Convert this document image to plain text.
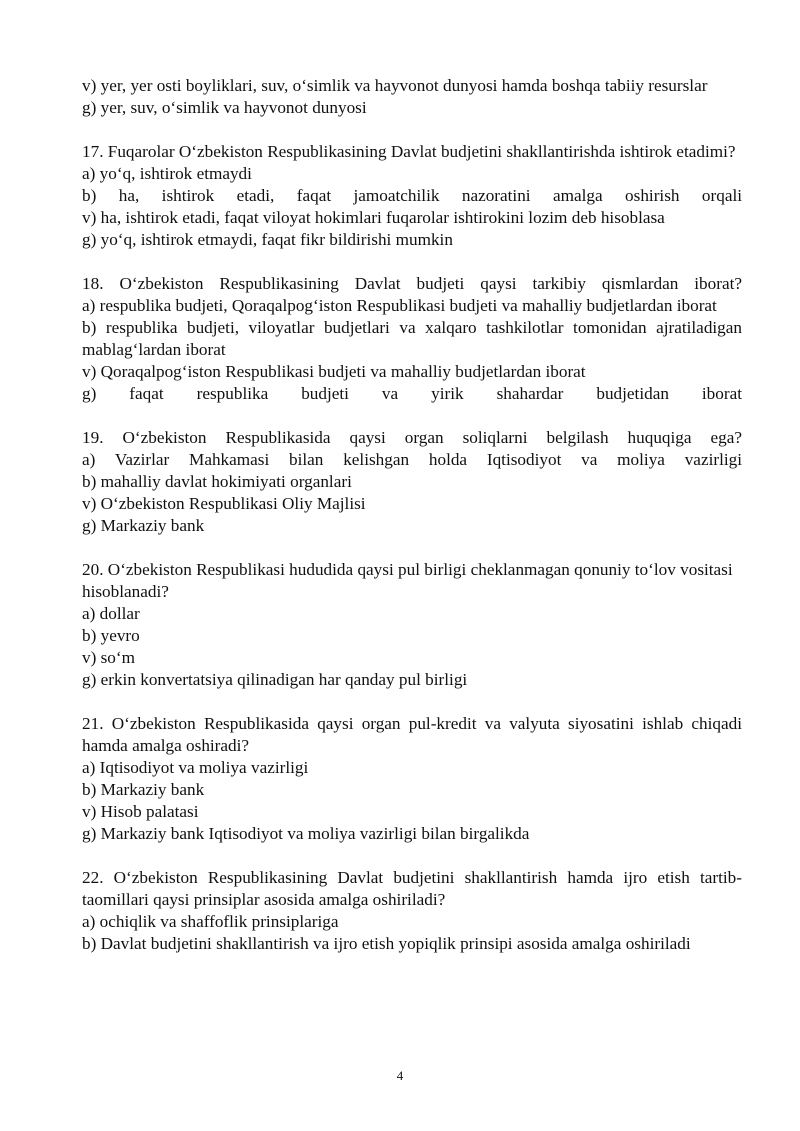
v) yer, yer osti boyliklari, suv, o‘simlik va hayvonot dunyosi hamda boshqa tabiiy resurslar
g) yer, suv, o‘simlik va hayvonot dunyosi
17. Fuqarolar O‘zbekiston Respublikasining Davlat budjetini shakllantirishda ishtirok etadimi?
a) yo‘q, ishtirok etmaydi
b) ha, ishtirok etadi, faqat jamoatchilik nazoratini amalga oshirish orqali
v) ha, ishtirok etadi, faqat viloyat hokimlari fuqarolar ishtirokini lozim deb hisoblasa
g) yo‘q, ishtirok etmaydi, faqat fikr bildirishi mumkin
18. O‘zbekiston Respublikasining Davlat budjeti qaysi tarkibiy qismlardan iborat?
a) respublika budjeti, Qoraqalpog‘iston Respublikasi budjeti va mahalliy budjetlardan iborat
b) respublika budjeti, viloyatlar budjetlari va xalqaro tashkilotlar tomonidan ajratiladigan mablag‘lardan iborat
v) Qoraqalpog‘iston Respublikasi budjeti va mahalliy budjetlardan iborat
g) faqat respublika budjeti va yirik shahardar budjetidan iborat
19. O‘zbekiston Respublikasida qaysi organ soliqlarni belgilash huquqiga ega?
a) Vazirlar Mahkamasi bilan kelishgan holda Iqtisodiyot va moliya vazirligi
b) mahalliy davlat hokimiyati organlari
v) O‘zbekiston Respublikasi Oliy Majlisi
g) Markaziy bank
20. O‘zbekiston Respublikasi hududida qaysi pul birligi cheklanmagan qonuniy to‘lov vositasi hisoblanadi?
a) dollar
b) yevro
v) so‘m
g) erkin konvertatsiya qilinadigan har qanday pul birligi
21. O‘zbekiston Respublikasida qaysi organ pul-kredit va valyuta siyosatini ishlab chiqadi hamda amalga oshiradi?
a) Iqtisodiyot va moliya vazirligi
b) Markaziy bank
v) Hisob palatasi
g) Markaziy bank Iqtisodiyot va moliya vazirligi bilan birgalikda
22. O‘zbekiston Respublikasining Davlat budjetini shakllantirish hamda ijro etish tartib-taomillari qaysi prinsiplar asosida amalga oshiriladi?
a) ochiqlik va shaffoflik prinsiplariga
b) Davlat budjetini shakllantirish va ijro etish yopiqlik prinsipi asosida amalga oshiriladi
4
